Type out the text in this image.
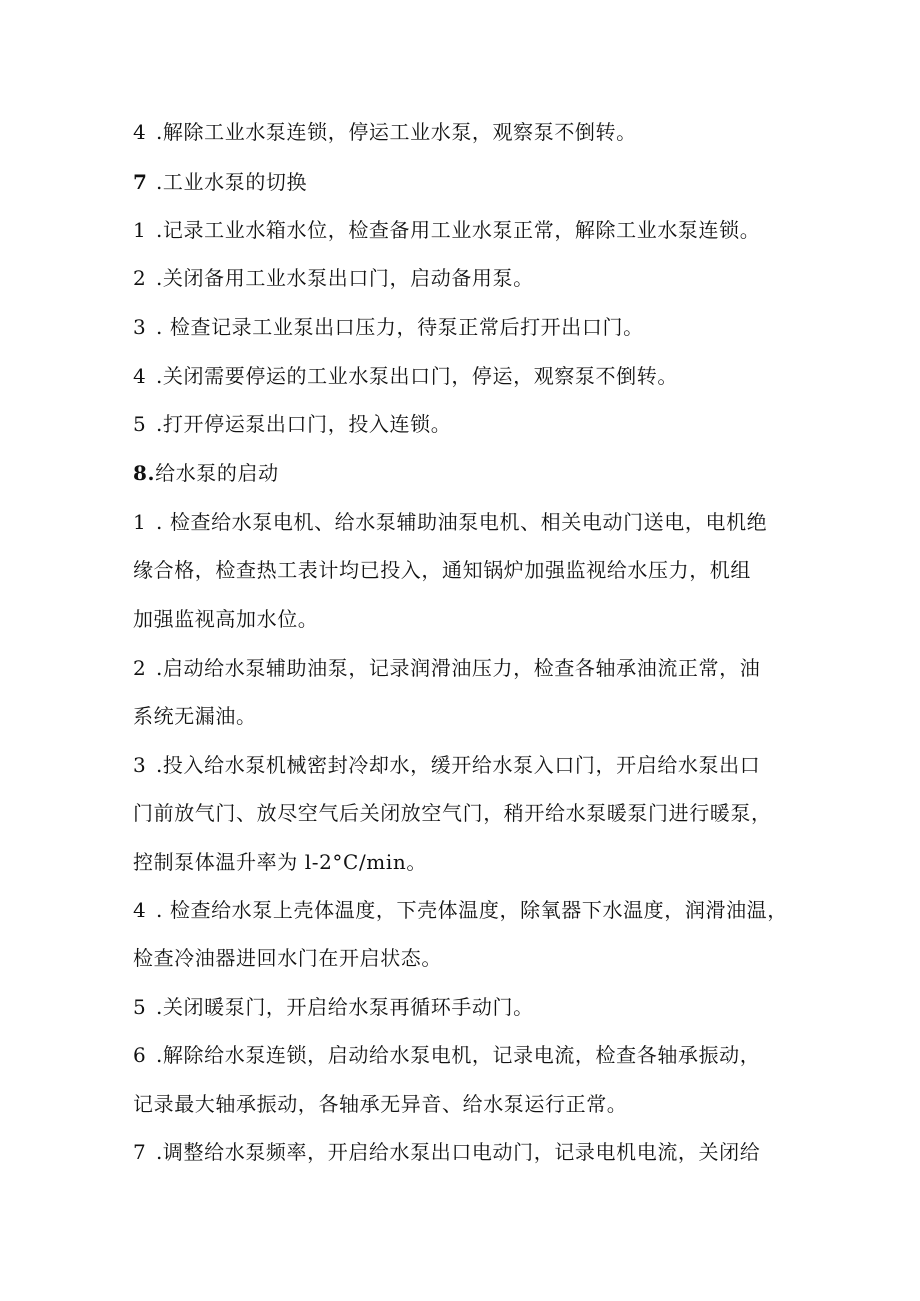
4 .解除工业水泵连锁，停运工业水泵，观察泵不倒转。
7 .工业水泵的切换
1 .记录工业水箱水位，检查备用工业水泵正常，解除工业水泵连锁。
2 .关闭备用工业水泵出口门，启动备用泵。
3 . 检查记录工业泵出口压力，待泵正常后打开出口门。
4 .关闭需要停运的工业水泵出口门，停运，观察泵不倒转。
5 .打开停运泵出口门，投入连锁。
8.给水泵的启动
1 . 检查给水泵电机、给水泵辅助油泵电机、相关电动门送电，电机绝
缘合格，检查热工表计均已投入，通知锅炉加强监视给水压力，机组
加强监视高加水位。
2 .启动给水泵辅助油泵，记录润滑油压力，检查各轴承油流正常，油
系统无漏油。
3 .投入给水泵机械密封冷却水，缓开给水泵入口门，开启给水泵出口
门前放气门、放尽空气后关闭放空气门，稍开给水泵暖泵门进行暖泵，
控制泵体温升率为 l-2°C/min。
4 . 检查给水泵上壳体温度，下壳体温度，除氧器下水温度，润滑油温，
检查冷油器进回水门在开启状态。
5 .关闭暖泵门，开启给水泵再循环手动门。
6 .解除给水泵连锁，启动给水泵电机，记录电流，检查各轴承振动，
记录最大轴承振动，各轴承无异音、给水泵运行正常。
7 .调整给水泵频率，开启给水泵出口电动门，记录电机电流，关闭给
